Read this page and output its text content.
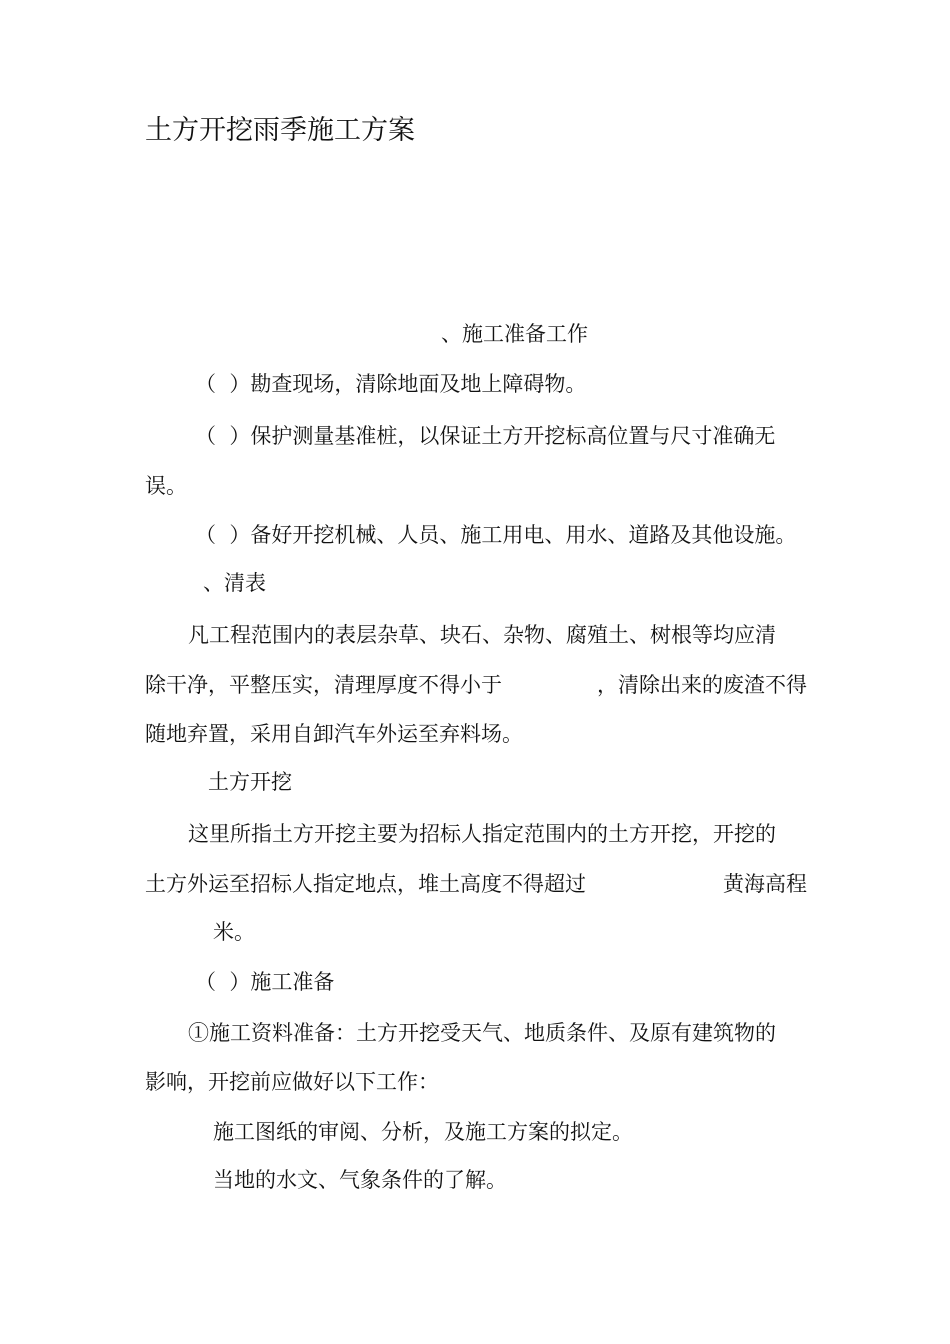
土方开挖雨季施工方案
、施工准备工作
（  ）勘查现场，清除地面及地上障碍物。
（  ）保护测量基准桩，以保证土方开挖标高位置与尺寸准确无
误。
（  ）备好开挖机械、人员、施工用电、用水、道路及其他设施。
、清表
凡工程范围内的表层杂草、块石、杂物、腐殖土、树根等均应清
除干净，平整压实，清理厚度不得小于	，清除出来的废渣不得
随地弃置，采用自卸汽车外运至弃料场。
土方开挖
这里所指土方开挖主要为招标人指定范围内的土方开挖，开挖的
土方外运至招标人指定地点，堆土高度不得超过	黄海高程
米。
（  ）施工准备
①施工资料准备：土方开挖受天气、地质条件、及原有建筑物的
影响，开挖前应做好以下工作：
施工图纸的审阅、分析，及施工方案的拟定。
当地的水文、气象条件的了解。
